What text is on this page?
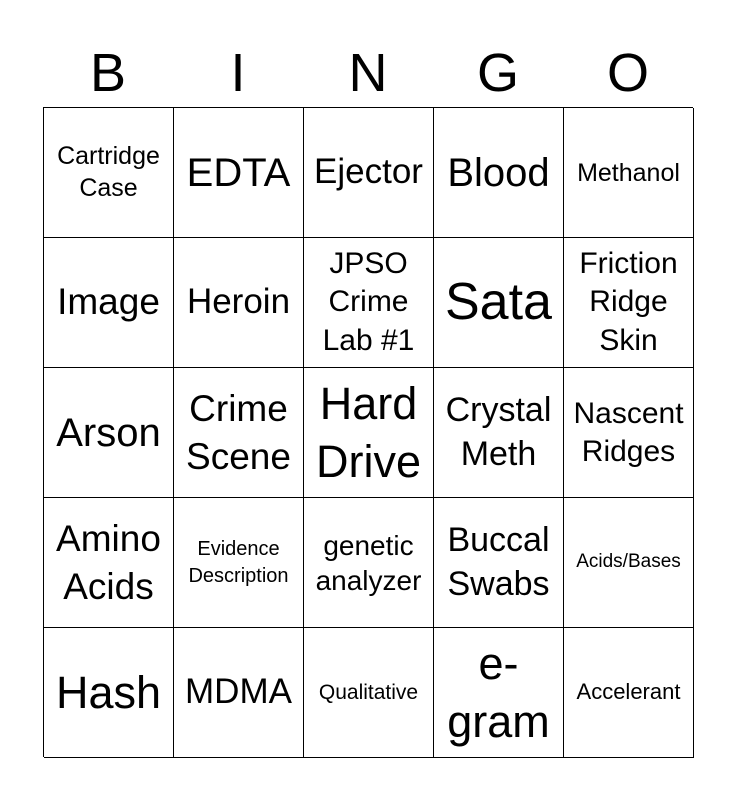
B	I	N	G	O
Cartridge Case	EDTA Ejector Blood	Methanol
Image Heroin
JPSO Crime Lab #1
Sata
Friction Ridge Skin
Arson
Crime Scene
Hard Drive
Crystal Meth
Nascent Ridges
Amino Acids
Evidence Description
genetic analyzer
Buccal Swabs
Acids/Bases
Hash MDMA	Qualitative
e-gram
Accelerant
